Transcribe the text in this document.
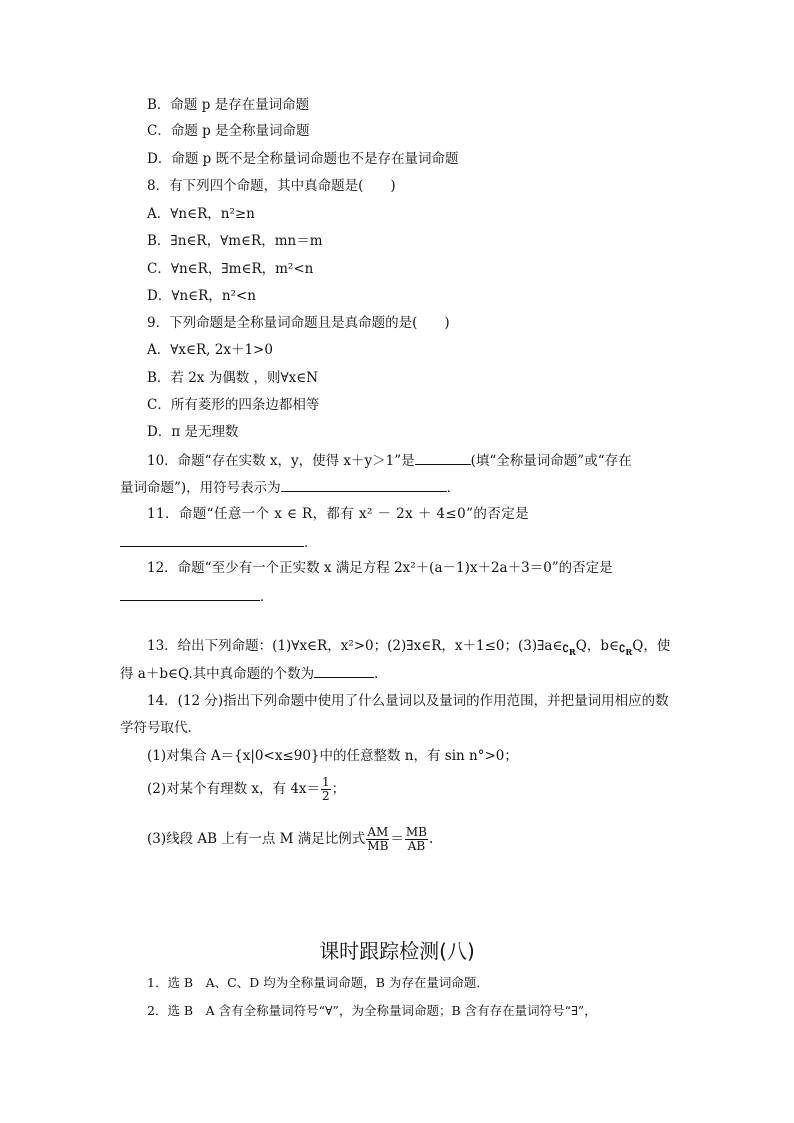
B．命题 p 是存在量词命题
C．命题 p 是全称量词命题
D．命题 p 既不是全称量词命题也不是存在量词命题
8．有下列四个命题，其中真命题是(　　)
A．∀n∈R，n²≥n
B．∃n∈R，∀m∈R，mn＝m
C．∀n∈R，∃m∈R，m²<n
D．∀n∈R，n²<n
9．下列命题是全称量词命题且是真命题的是(　　)
A．∀x∈R, 2x＋1>0
B．若 2x 为偶数 ，则∀x∈N
C．所有菱形的四条边都相等
D．π 是无理数
10．命题“存在实数 x，y，使得 x＋y＞1”是	(填“全称量词命题”或“存在
量词命题”)，用符号表示为	．
11．命题“任意一个 x ∈ R，都有 x² － 2x ＋ 4≤0”的否定是
．
12．命题“至少有一个正实数 x 满足方程 2x²＋(a－1)x＋2a＋3＝0”的否定是
．
13．给出下列命题：(1)∀x∈R，x²>0；(2)∃x∈R，x＋1≤0；$(3)\exists a\in∁_RQ$，$b\in∁_RQ$，使
得 a＋b∈Q.其中真命题的个数为	．
14．(12 分)指出下列命题中使用了什么量词以及量词的作用范围，并把量词用相应的数
学符号取代．
(1)对集合 A＝{x|0<x≤90}中的任意整数 n，有 sin n°>0；
(2)对某个有理数 x，有 $4x= \frac{1}{2}$ ；
(3)线段 AB 上有一点 M 满足比例式 $\frac{AM}{MB} = \frac{MB}{AB}$ .
课时跟踪检测(八)
1．选 B　A、C、D 均为全称量词命题，B 为存在量词命题．
2．选 B　A 含有全称量词符号“∀”，为全称量词命题；B 含有存在量词符号“∃”，
